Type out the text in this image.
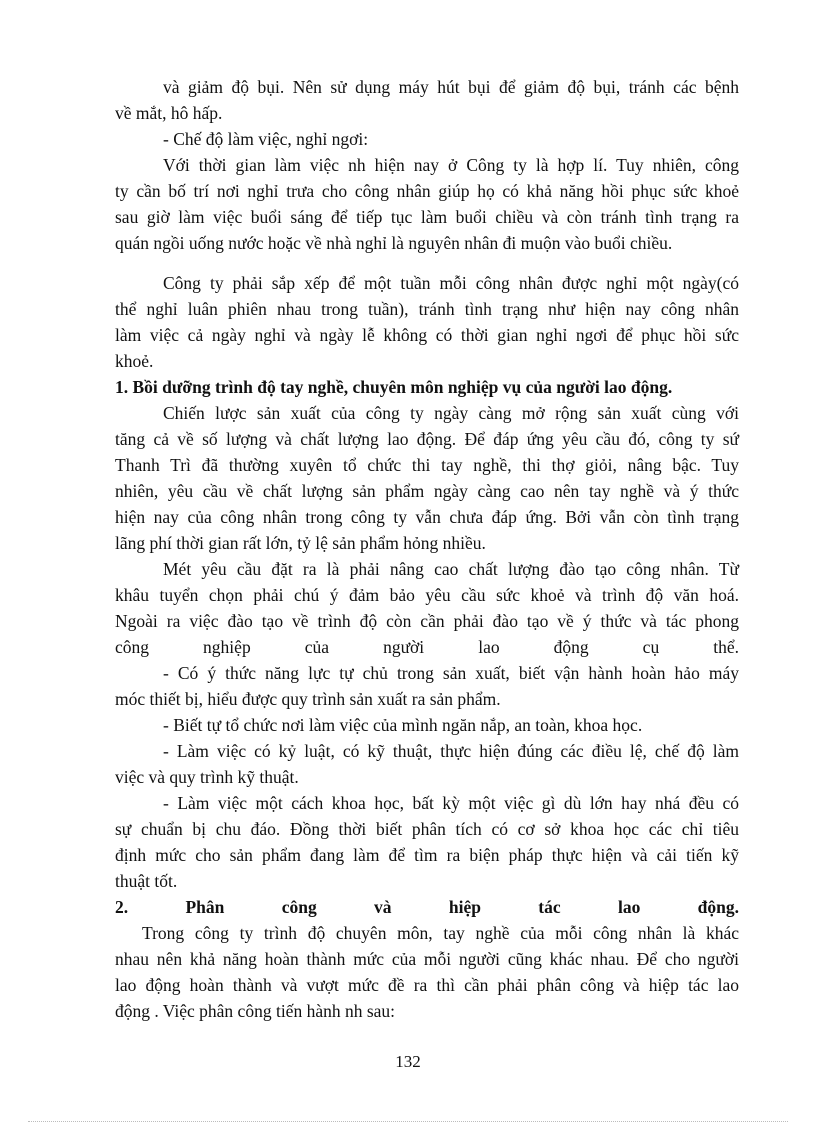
và giảm độ bụi. Nên sử dụng máy hút bụi để giảm độ bụi, tránh các bệnh
về mắt, hô hấp.
- Chế độ làm việc, nghỉ ngơi:
Với thời gian làm việc nh hiện nay ở Công ty là hợp lí. Tuy nhiên, công
ty cần bố trí nơi nghỉ trưa cho công nhân giúp họ có khả năng hồi phục sức khoẻ
sau giờ làm việc buổi sáng để tiếp tục làm buổi chiều và còn tránh tình trạng ra
quán ngồi uống nước hoặc về nhà nghỉ là nguyên nhân đi muộn vào buổi chiều.
Công ty phải sắp xếp để một tuần mỗi công nhân được nghỉ một ngày(có
thể nghỉ luân phiên nhau trong tuần), tránh tình trạng như hiện nay công nhân
làm việc cả ngày nghỉ và ngày lễ không có thời gian nghỉ ngơi để phục hồi sức
khoẻ.
1. Bồi dưỡng trình độ tay nghề, chuyên môn nghiệp vụ của người lao động.
Chiến lược sản xuất của công ty ngày càng mở rộng sản xuất cùng với
tăng cả về số lượng và chất lượng lao động. Để đáp ứng yêu cầu đó, công ty sứ
Thanh Trì đã thường xuyên tổ chức thi tay nghề, thi thợ giỏi, nâng bậc. Tuy
nhiên, yêu cầu về chất lượng sản phẩm ngày càng cao nên tay nghề và ý thức
hiện nay của công nhân trong công ty vẫn chưa đáp ứng. Bởi vẫn còn tình trạng
lãng phí thời gian rất lớn, tỷ lệ sản phẩm hỏng nhiều.
Mét yêu cầu đặt ra là phải nâng cao chất lượng đào tạo công nhân. Từ
khâu tuyển chọn phải chú ý đảm bảo yêu cầu sức khoẻ và trình độ văn hoá.
Ngoài ra việc đào tạo về trình độ còn cần phải đào tạo về ý thức và tác phong
công nghiệp của người lao động cụ thể.
- Có ý thức năng lực tự chủ trong sản xuất, biết vận hành hoàn hảo máy
móc thiết bị, hiểu được quy trình sản xuất ra sản phẩm.
- Biết tự tổ chức nơi làm việc của mình ngăn nắp, an toàn, khoa học.
- Làm việc có kỷ luật, có kỹ thuật, thực hiện đúng các điều lệ, chế độ làm
việc và quy trình kỹ thuật.
- Làm việc một cách khoa học, bất kỳ một việc gì dù lớn hay nhá đều có
sự chuẩn bị chu đáo. Đồng thời biết phân tích có cơ sở khoa học các chỉ tiêu
định mức cho sản phẩm đang làm để tìm ra biện pháp thực hiện và cải tiến kỹ
thuật tốt.
2. Phân công và hiệp tác lao động.
Trong công ty trình độ chuyên môn, tay nghề của mỗi công nhân là khác
nhau nên khả năng hoàn thành mức của mỗi người cũng khác nhau. Để cho người
lao động hoàn thành và vượt mức đề ra thì cần phải phân công và hiệp tác lao
động . Việc phân công tiến hành nh sau:
132
